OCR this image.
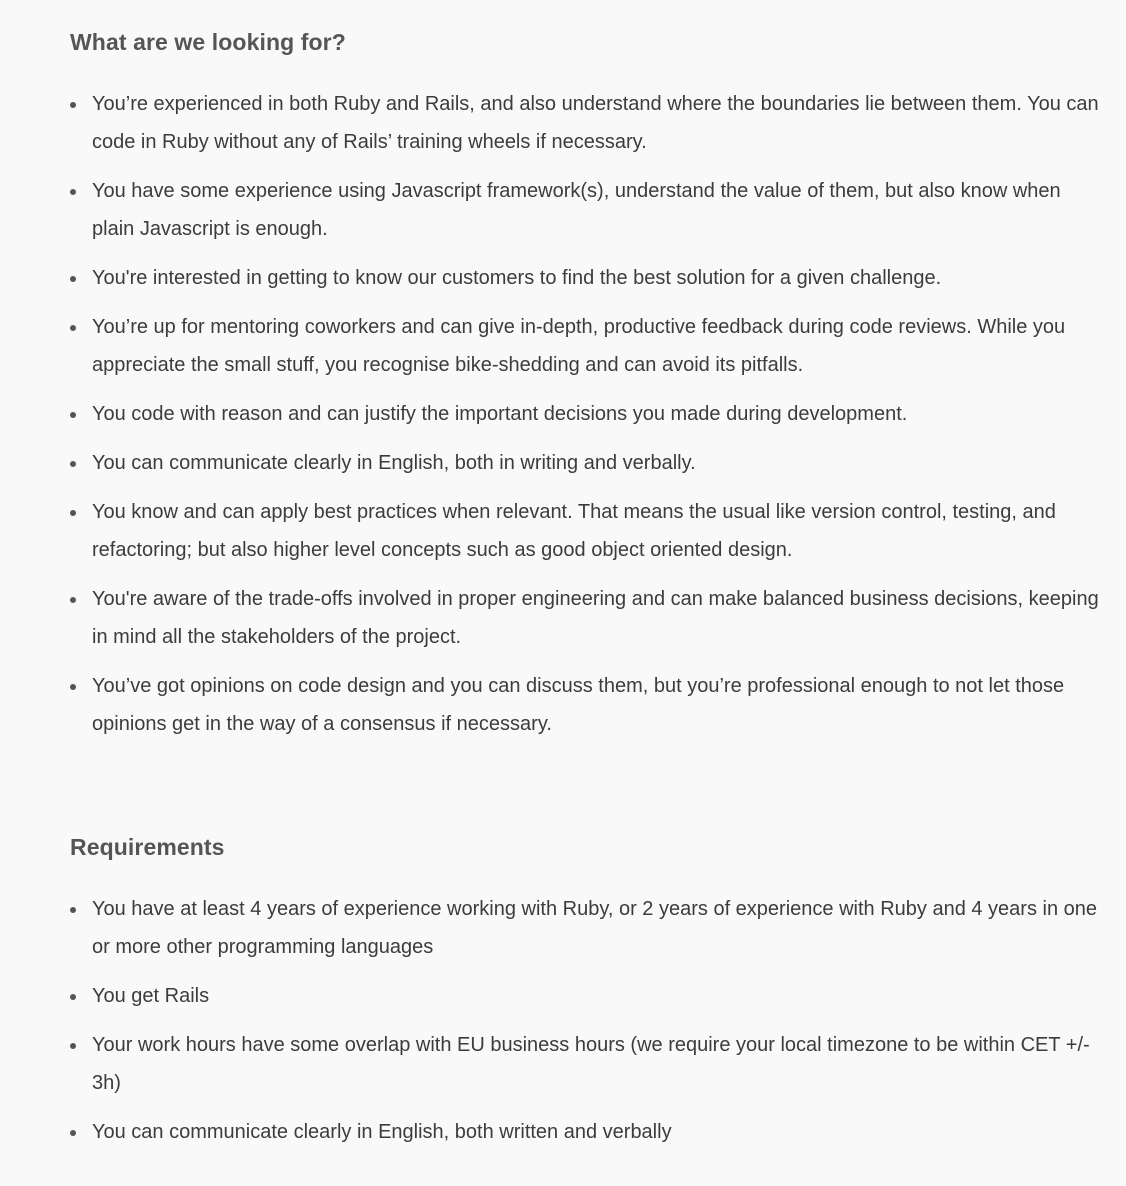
What are we looking for?
You’re experienced in both Ruby and Rails, and also understand where the boundaries lie between them. You can code in Ruby without any of Rails’ training wheels if necessary.
You have some experience using Javascript framework(s), understand the value of them, but also know when plain Javascript is enough.
You're interested in getting to know our customers to find the best solution for a given challenge.
You’re up for mentoring coworkers and can give in-depth, productive feedback during code reviews. While you appreciate the small stuff, you recognise bike-shedding and can avoid its pitfalls.
You code with reason and can justify the important decisions you made during development.
You can communicate clearly in English, both in writing and verbally.
You know and can apply best practices when relevant. That means the usual like version control, testing, and refactoring; but also higher level concepts such as good object oriented design.
You're aware of the trade-offs involved in proper engineering and can make balanced business decisions, keeping in mind all the stakeholders of the project.
You’ve got opinions on code design and you can discuss them, but you’re professional enough to not let those opinions get in the way of a consensus if necessary.
Requirements
You have at least 4 years of experience working with Ruby, or 2 years of experience with Ruby and 4 years in one or more other programming languages
You get Rails
Your work hours have some overlap with EU business hours (we require your local timezone to be within CET +/- 3h)
You can communicate clearly in English, both written and verbally
